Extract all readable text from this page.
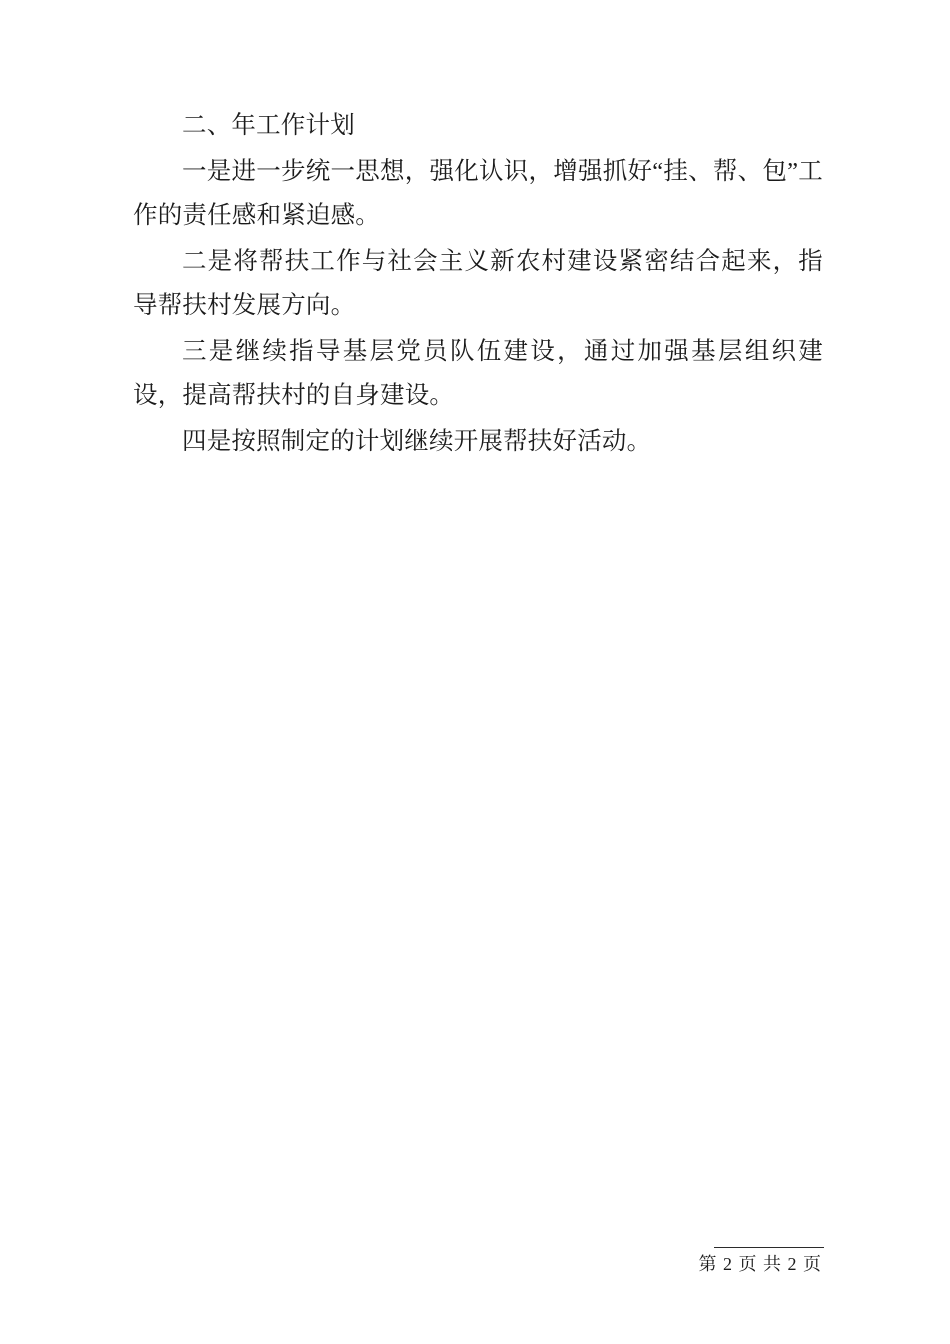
二、年工作计划

一是进一步统一思想，强化认识，增强抓好“挂、帮、包”工作的责任感和紧迫感。

二是将帮扶工作与社会主义新农村建设紧密结合起来，指导帮扶村发展方向。

三是继续指导基层党员队伍建设，通过加强基层组织建设，提高帮扶村的自身建设。

四是按照制定的计划继续开展帮扶好活动。

第 2 页 共 2 页
